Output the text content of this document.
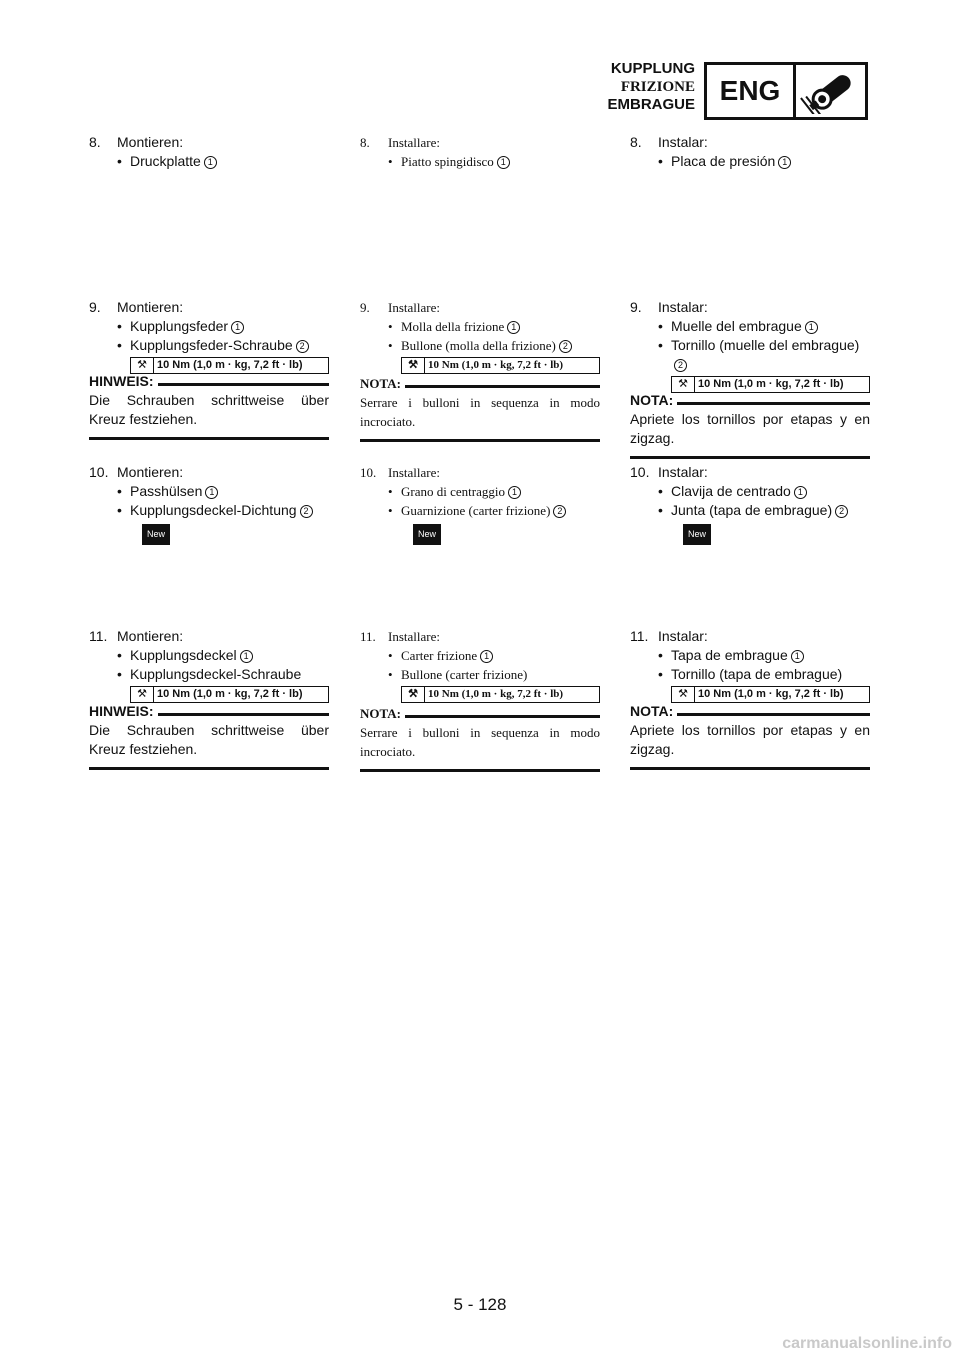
KUPPLUNG
FRIZIONE
EMBRAGUE ENG
8. Montieren:
• Druckplatte 1
9. Montieren:
• Kupplungsfeder 1
• Kupplungsfeder-Schraube 2
⚒ 10 Nm (1,0 m · kg, 7,2 ft · lb)
HINWEIS:
Die Schrauben schrittweise über Kreuz festziehen.
10. Montieren:
• Passhülsen 1
• Kupplungsdeckel-Dichtung 2
New
11. Montieren:
• Kupplungsdeckel 1
• Kupplungsdeckel-Schraube
⚒ 10 Nm (1,0 m · kg, 7,2 ft · lb)
HINWEIS:
Die Schrauben schrittweise über Kreuz festziehen.
8. Installare:
• Piatto spingidisco 1
9. Installare:
• Molla della frizione 1
• Bullone (molla della frizione) 2
⚒ 10 Nm (1,0 m · kg, 7,2 ft · lb)
NOTA:
Serrare i bulloni in sequenza in modo incrociato.
10. Installare:
• Grano di centraggio 1
• Guarnizione (carter frizione) 2
New
11. Installare:
• Carter frizione 1
• Bullone (carter frizione)
⚒ 10 Nm (1,0 m · kg, 7,2 ft · lb)
NOTA:
Serrare i bulloni in sequenza in modo incrociato.
8. Instalar:
• Placa de presión 1
9. Instalar:
• Muelle del embrague 1
• Tornillo (muelle del embrague)2
⚒ 10 Nm (1,0 m · kg, 7,2 ft · lb)
NOTA:
Apriete los tornillos por etapas y en zigzag.
10. Instalar:
• Clavija de centrado 1
• Junta (tapa de embrague) 2
New
11. Instalar:
• Tapa de embrague 1
• Tornillo (tapa de embrague)
⚒ 10 Nm (1,0 m · kg, 7,2 ft · lb)
NOTA:
Apriete los tornillos por etapas y en zigzag.
5 - 128
carmanualsonline.info
